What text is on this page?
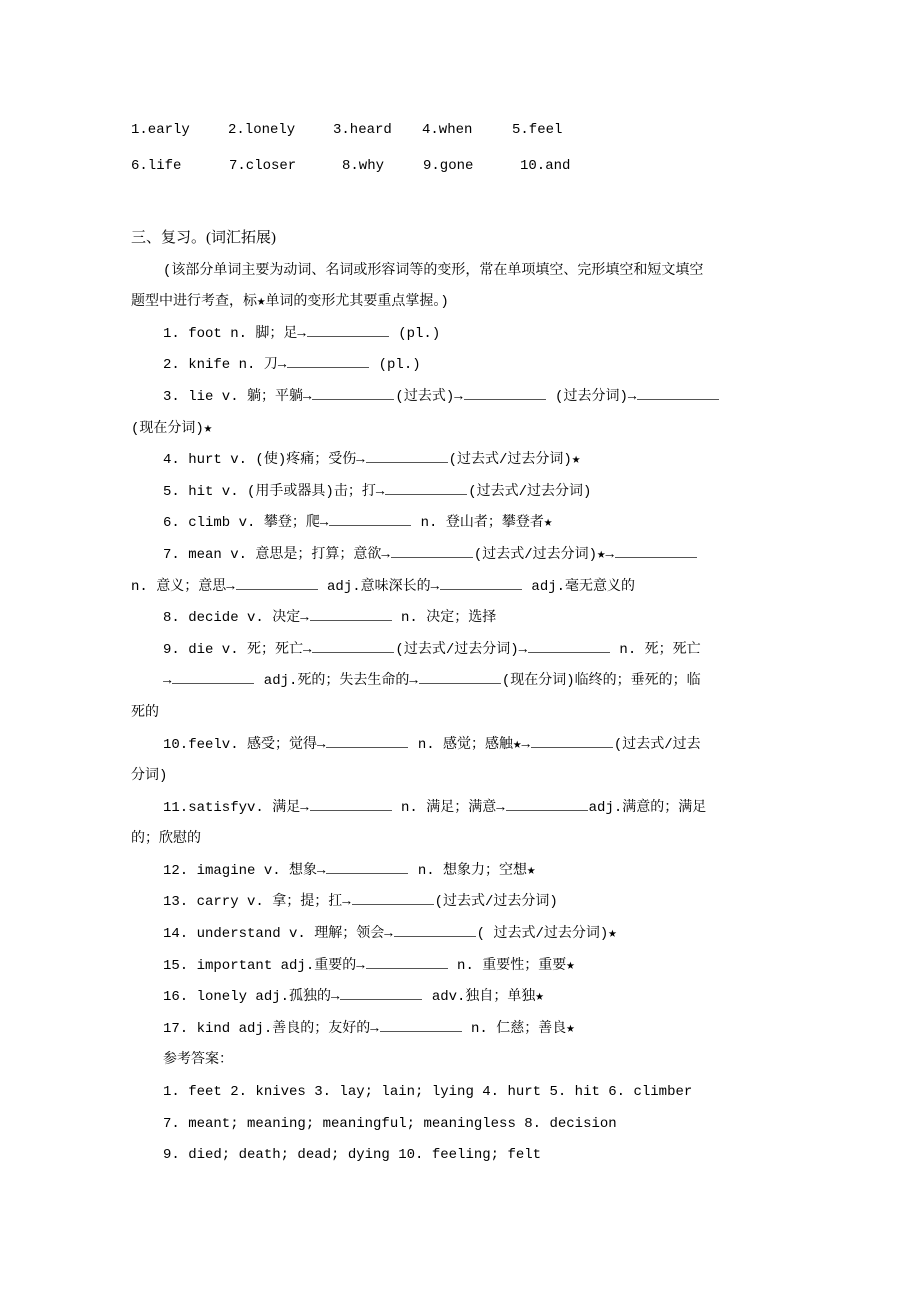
1.early	2.lonely	3.heard 4.when	5.feel
6.life	7.closer	8.why	9.gone	10.and
三、复习。(词汇拓展)
(该部分单词主要为动词、名词或形容词等的变形，常在单项填空、完形填空和短文填空
题型中进行考查，标★单词的变形尤其要重点掌握。)
1. foot n. 脚；足→	(pl.)
2. knife n. 刀→	(pl.)
3. lie v. 躺；平躺→	(过去式)→	(过去分词)→
(现在分词)★
4. hurt v. (使)疼痛；受伤→	(过去式/过去分词)★
5. hit v. (用手或器具)击；打→	(过去式/过去分词)
6. climb v. 攀登；爬→	n. 登山者；攀登者★
7. mean v. 意思是；打算；意欲→	(过去式/过去分词)★→
n. 意义；意思→	adj.意味深长的→	adj.毫无意义的
8. decide v. 决定→	n. 决定；选择
9. die v. 死；死亡→	(过去式/过去分词)→	n. 死；死亡
→	adj.死的；失去生命的→	(现在分词)临终的；垂死的；临
死的
10.feelv. 感受；觉得→	n. 感觉；感触★→	(过去式/过去
分词)
11.satisfyv. 满足→	n. 满足；满意→	adj.满意的；满足
的；欣慰的
12. imagine v. 想象→	n. 想象力；空想★
13. carry v. 拿；提；扛→	(过去式/过去分词)
14. understand v. 理解；领会→	( 过去式/过去分词)★
15. important adj.重要的→	n. 重要性；重要★
16. lonely adj.孤独的→	adv.独自；单独★
17. kind adj.善良的；友好的→	n. 仁慈；善良★
参考答案：
1. feet 2. knives 3. lay; lain; lying 4. hurt 5. hit 6. climber
7. meant; meaning; meaningful; meaningless 8. decision
9. died; death; dead; dying 10. feeling; felt
